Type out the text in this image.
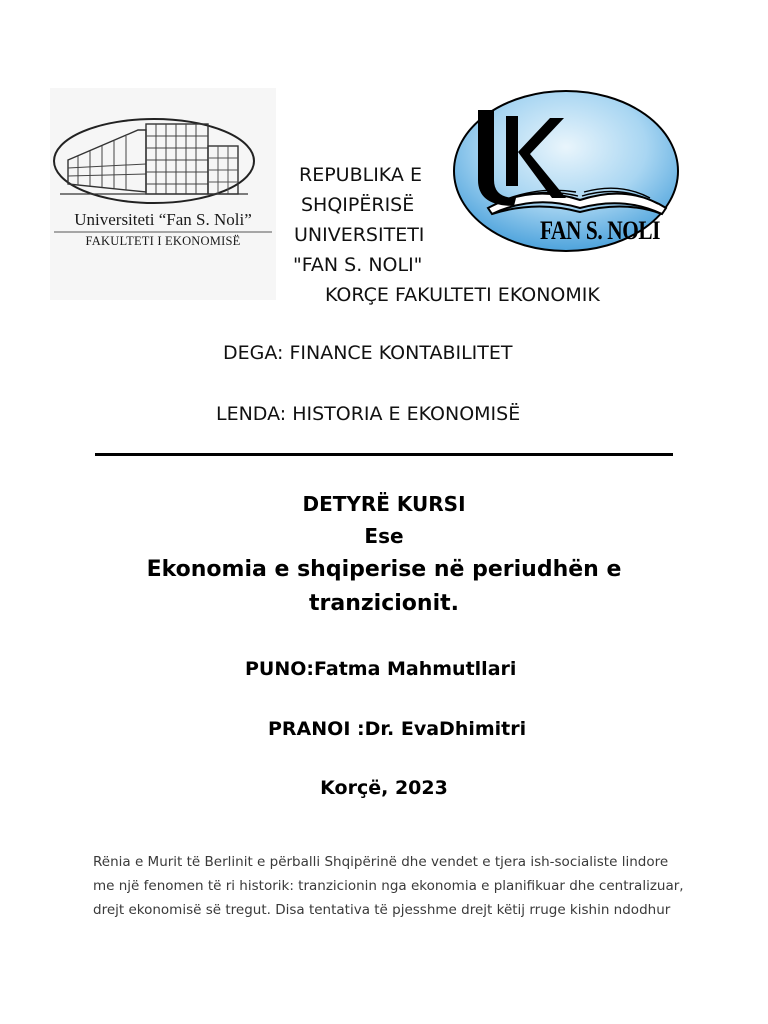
Universiteti “Fan S. Noli”
FAKULTETI I EKONOMISË	FAN S. NOLI
REPUBLIKA E
SHQIPËRISË
UNIVERSITETI
"FAN S. NOLI"
KORÇE FAKULTETI EKONOMIK
DEGA: FINANCE KONTABILITET
LENDA: HISTORIA E EKONOMISË
DETYRË KURSI
Ese
Ekonomia e shqiperise në periudhën e
tranzicionit.
PUNO:Fatma Mahmutllari
PRANOI :Dr. EvaDhimitri
Korçë, 2023
Rënia e Murit të Berlinit e përballi Shqipërinë dhe vendet e tjera ish-socialiste lindore
me një fenomen të ri historik: tranzicionin nga ekonomia e planifikuar dhe centralizuar,
drejt ekonomisë së tregut. Disa tentativa të pjesshme drejt këtij rruge kishin ndodhur
